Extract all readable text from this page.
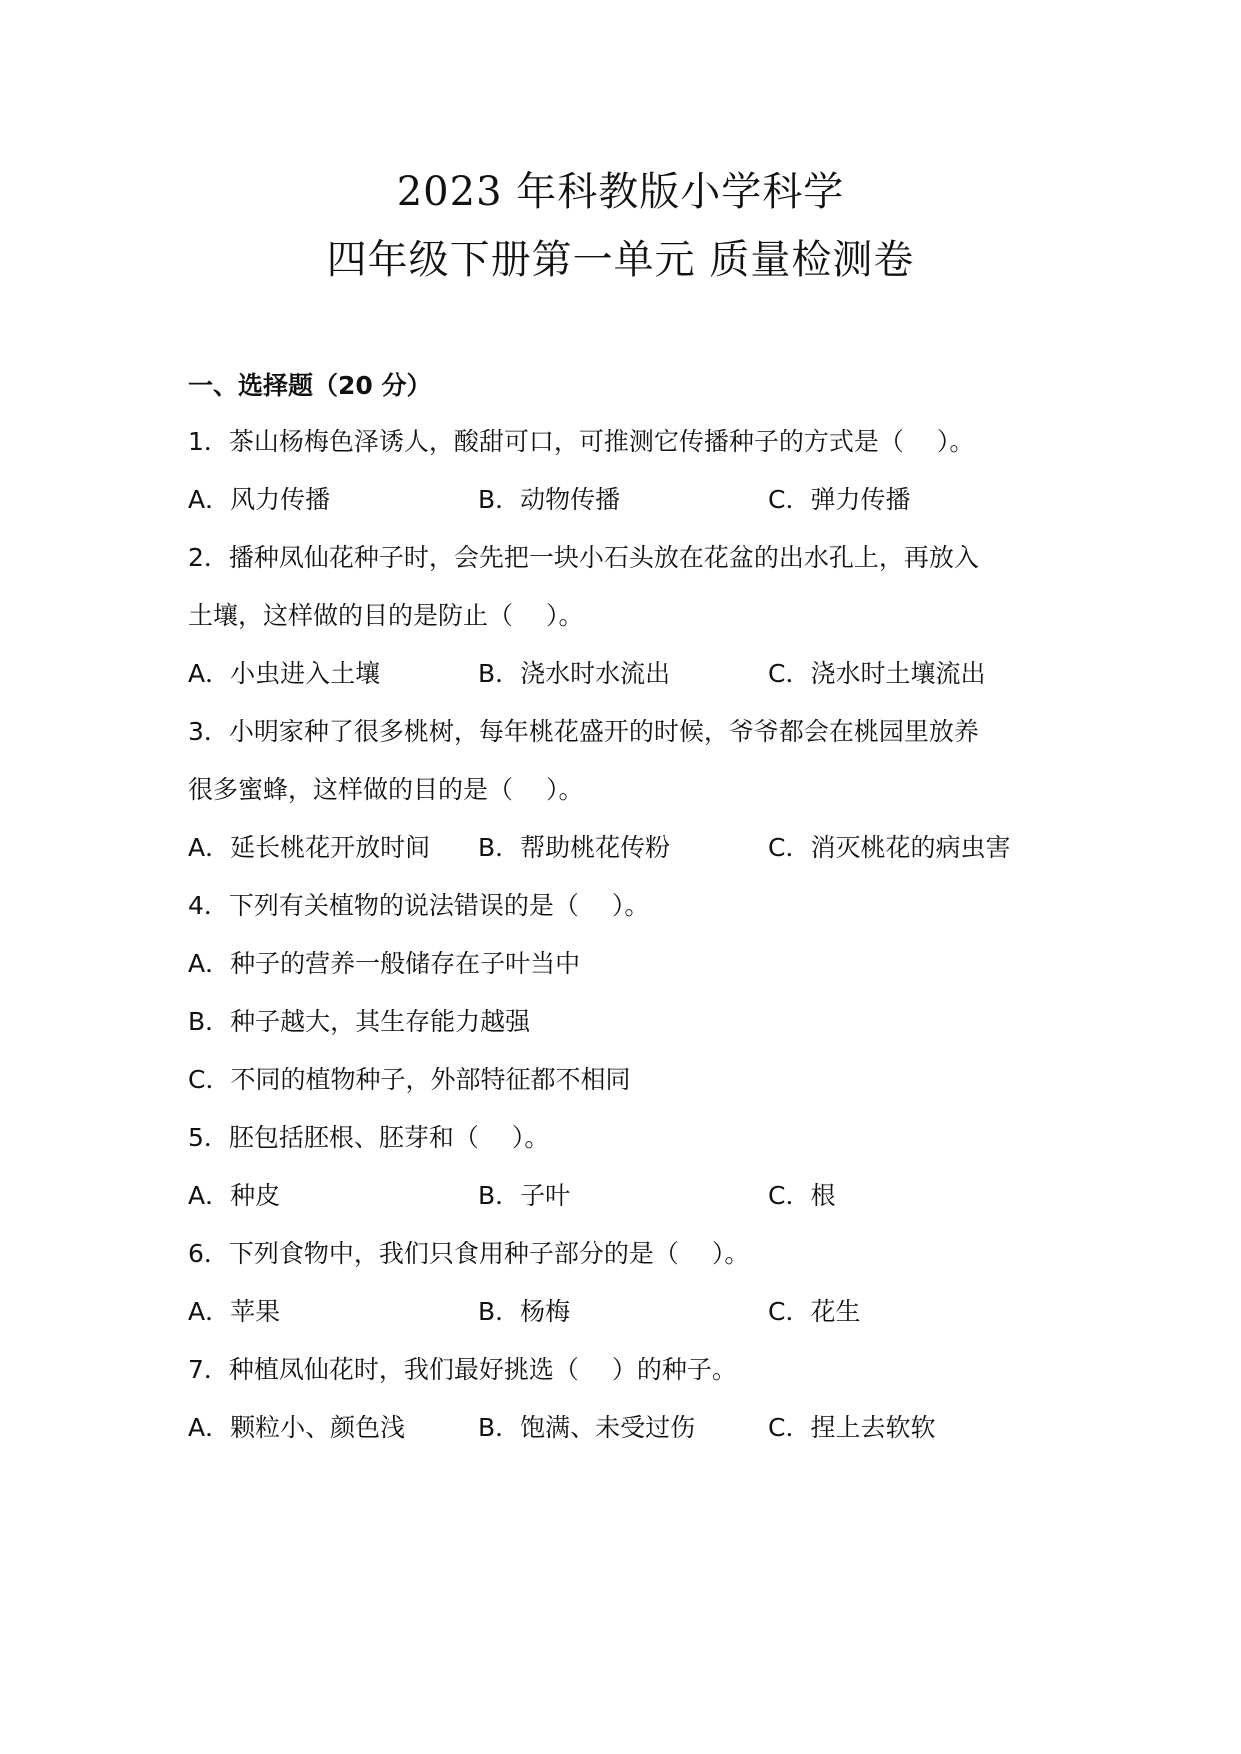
2023 年科教版小学科学
四年级下册第一单元 质量检测卷
一、选择题（20 分）
1．茶山杨梅色泽诱人，酸甜可口，可推测它传播种子的方式是（　 ）。
A．风力传播	B．动物传播	C．弹力传播
2．播种凤仙花种子时，会先把一块小石头放在花盆的出水孔上，再放入
土壤，这样做的目的是防止（　 ）。
A．小虫进入土壤	B．浇水时水流出	C．浇水时土壤流出
3．小明家种了很多桃树，每年桃花盛开的时候，爷爷都会在桃园里放养
很多蜜蜂，这样做的目的是（　 ）。
A．延长桃花开放时间 B．帮助桃花传粉	C．消灭桃花的病虫害
4．下列有关植物的说法错误的是（　 ）。
A．种子的营养一般储存在子叶当中
B．种子越大，其生存能力越强
C．不同的植物种子，外部特征都不相同
5．胚包括胚根、胚芽和（　 ）。
A．种皮	B．子叶	C．根
6．下列食物中，我们只食用种子部分的是（　 ）。
A．苹果	B．杨梅	C．花生
7．种植凤仙花时，我们最好挑选（　 ）的种子。
A．颗粒小、颜色浅	B．饱满、未受过伤	C．捏上去软软
